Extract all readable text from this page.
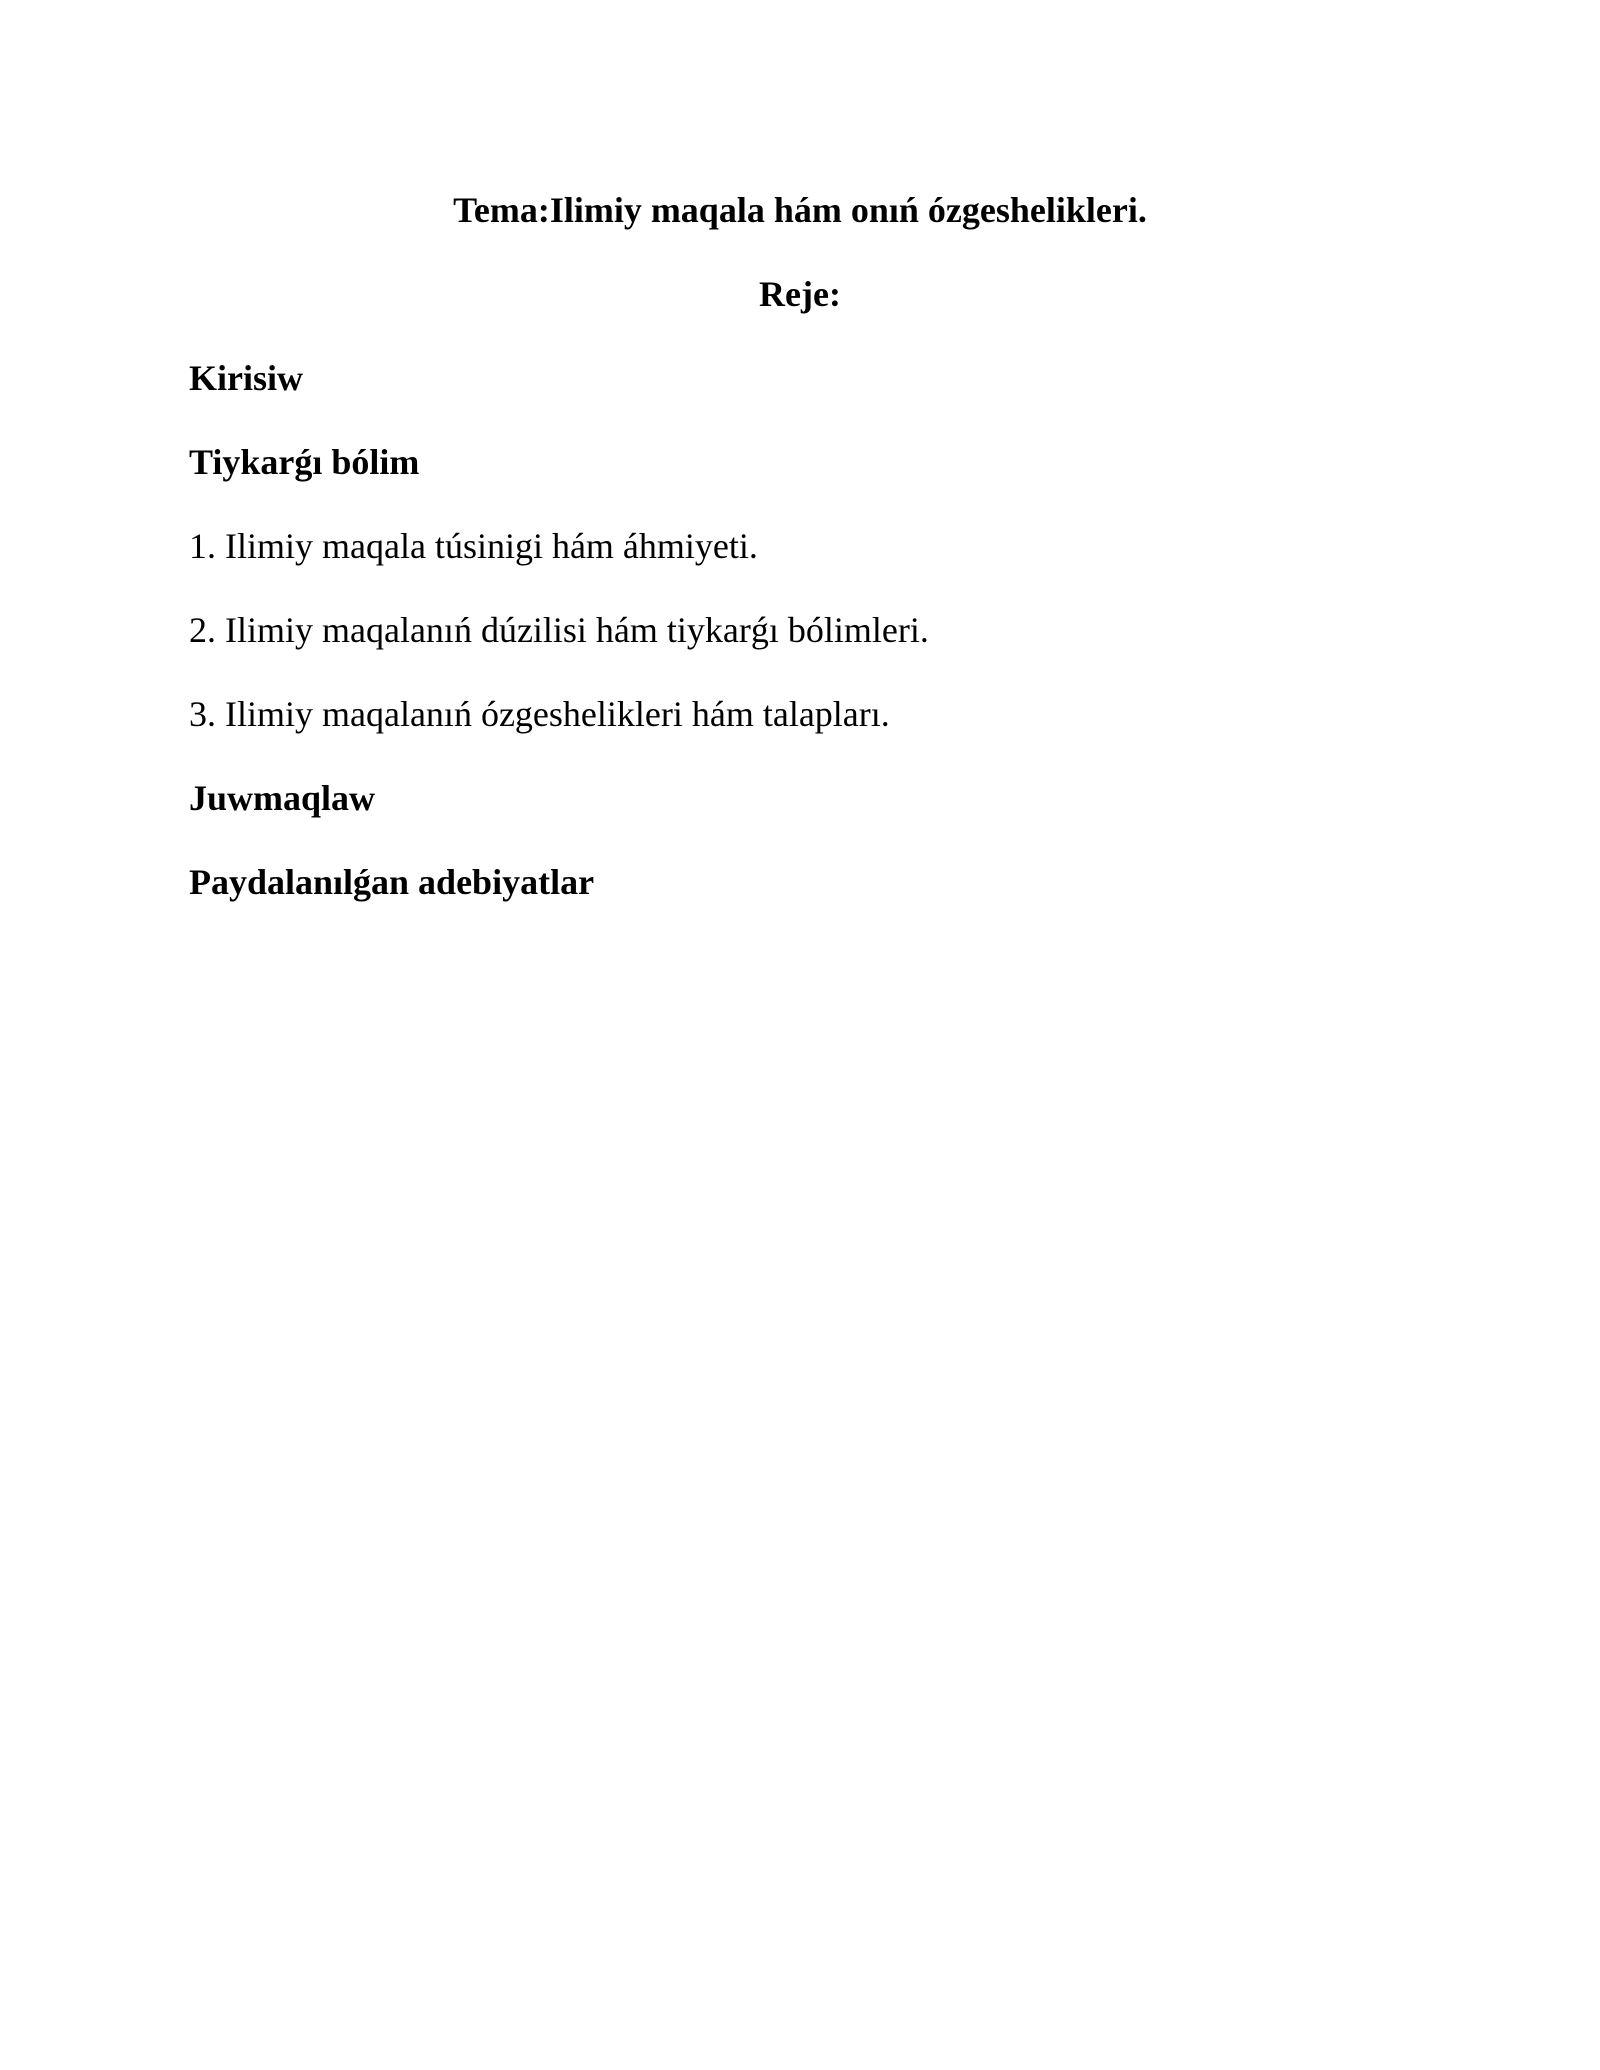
Tema:Ilimiy maqala hám onıń ózgeshelikleri.

Reje:

Kirisiw

Tiykarǵı bólim

1. Ilimiy maqala túsinigi hám áhmiyeti.

2. Ilimiy maqalanıń dúzilisi hám tiykarǵı bólimleri.

3. Ilimiy maqalanıń ózgeshelikleri hám talapları.

Juwmaqlaw

Paydalanılǵan adebiyatlar
